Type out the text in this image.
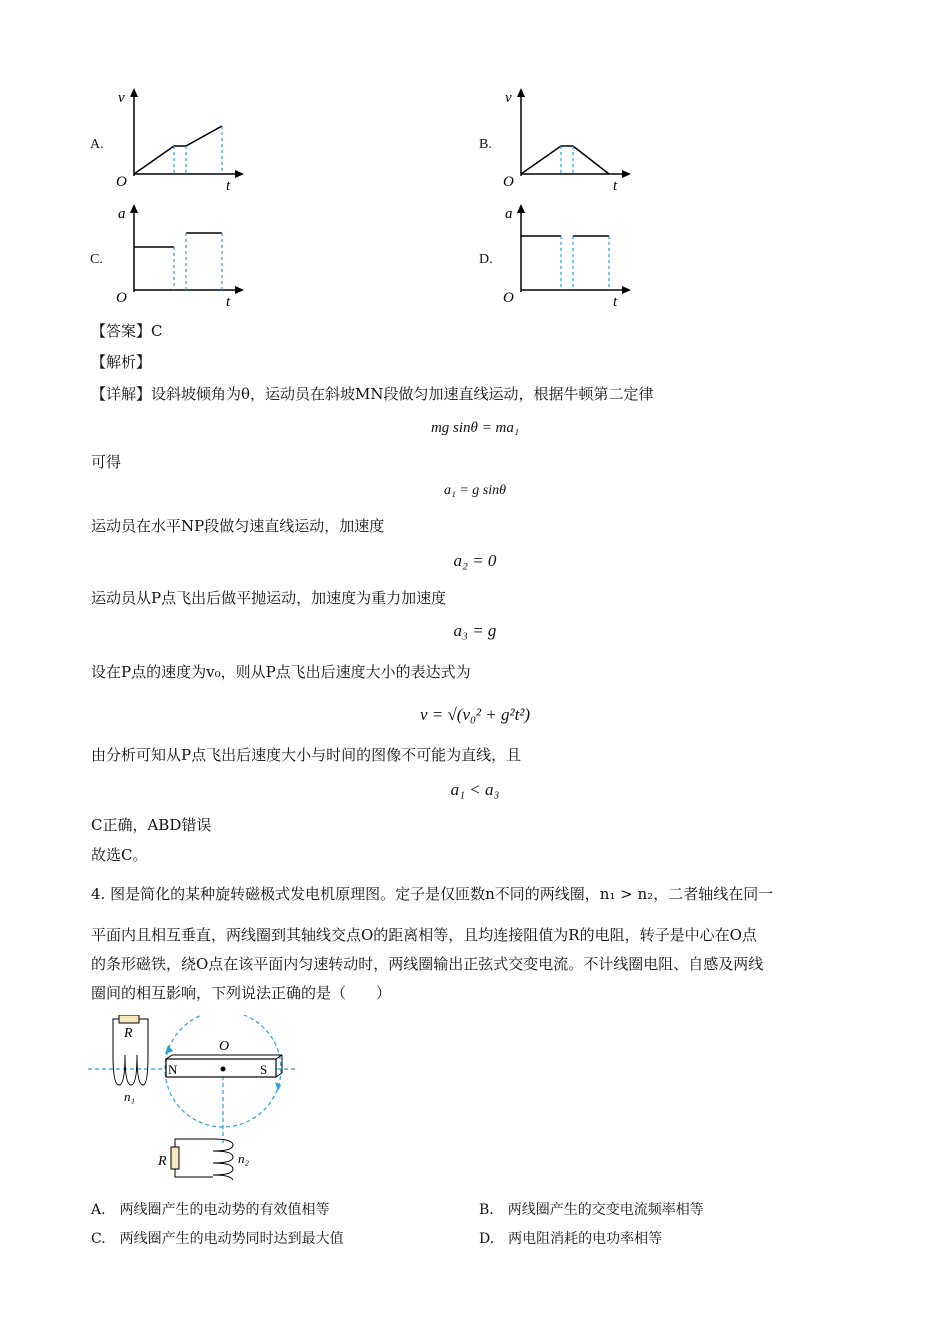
A.
v
O	t
B.
v
O	t
C.
a
O	t
D.
a
O	t
【答案】C
【解析】
【详解】设斜坡倾角为θ，运动员在斜坡MN段做匀加速直线运动，根据牛顿第二定律
mg sinθ = ma₁
可得
a₁ = g sinθ
运动员在水平NP段做匀速直线运动，加速度
a₂ = 0
运动员从P点飞出后做平抛运动，加速度为重力加速度
a₃ = g
设在P点的速度为v₀，则从P点飞出后速度大小的表达式为
v = √(v₀² + g²t²)
由分析可知从P点飞出后速度大小与时间的图像不可能为直线，且
a₁ < a₃
C正确，ABD错误
故选C。
4. 图是简化的某种旋转磁极式发电机原理图。定子是仅匝数n不同的两线圈，n₁ > n₂，二者轴线在同一
平面内且相互垂直，两线圈到其轴线交点O的距离相等，且均连接阻值为R的电阻，转子是中心在O点
的条形磁铁，绕O点在该平面内匀速转动时，两线圈输出正弦式交变电流。不计线圈电阻、自感及两线
圈间的相互影响，下列说法正确的是（　　）
N	S
O
R
n₁
R	n₂
A.　两线圈产生的电动势的有效值相等	B.　两线圈产生的交变电流频率相等
C.　两线圈产生的电动势同时达到最大值	D.　两电阻消耗的电功率相等
